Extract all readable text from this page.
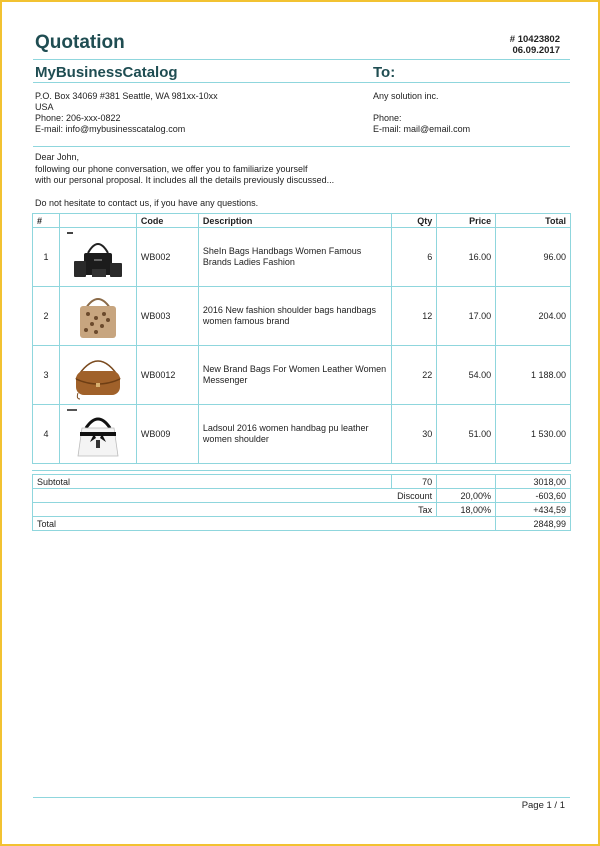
Quotation	# 10423802
06.09.2017
MyBusinessCatalog	To:
P.O. Box 34069 #381 Seattle, WA 981xx-10xx
USA
Phone: 206-xxx-0822
E-mail: info@mybusinesscatalog.com
Any solution inc.
Phone:
E-mail: mail@email.com
Dear John,
following our phone conversation, we offer you to familiarize yourself
with our personal proposal. It includes all the details previously discussed...
Do not hesitate to contact us, if you have any questions.
#		Code	Description	Qty	Price	Total
1		WB002	SheIn Bags Handbags Women Famous Brands Ladies Fashion	6	16.00	96.00
2		WB003	2016 New fashion shoulder bags handbags women famous brand	12	17.00	204.00
3		WB0012	New Brand Bags For Women Leather Women Messenger	22	54.00	1 188.00
4		WB009	Ladsoul 2016 women handbag pu leather women shoulder	30	51.00	1 530.00
Subtotal	70		3018,00
Discount		20,00%	-603,60
Tax		18,00%	+434,59
Total			2848,99
Page 1 / 1
